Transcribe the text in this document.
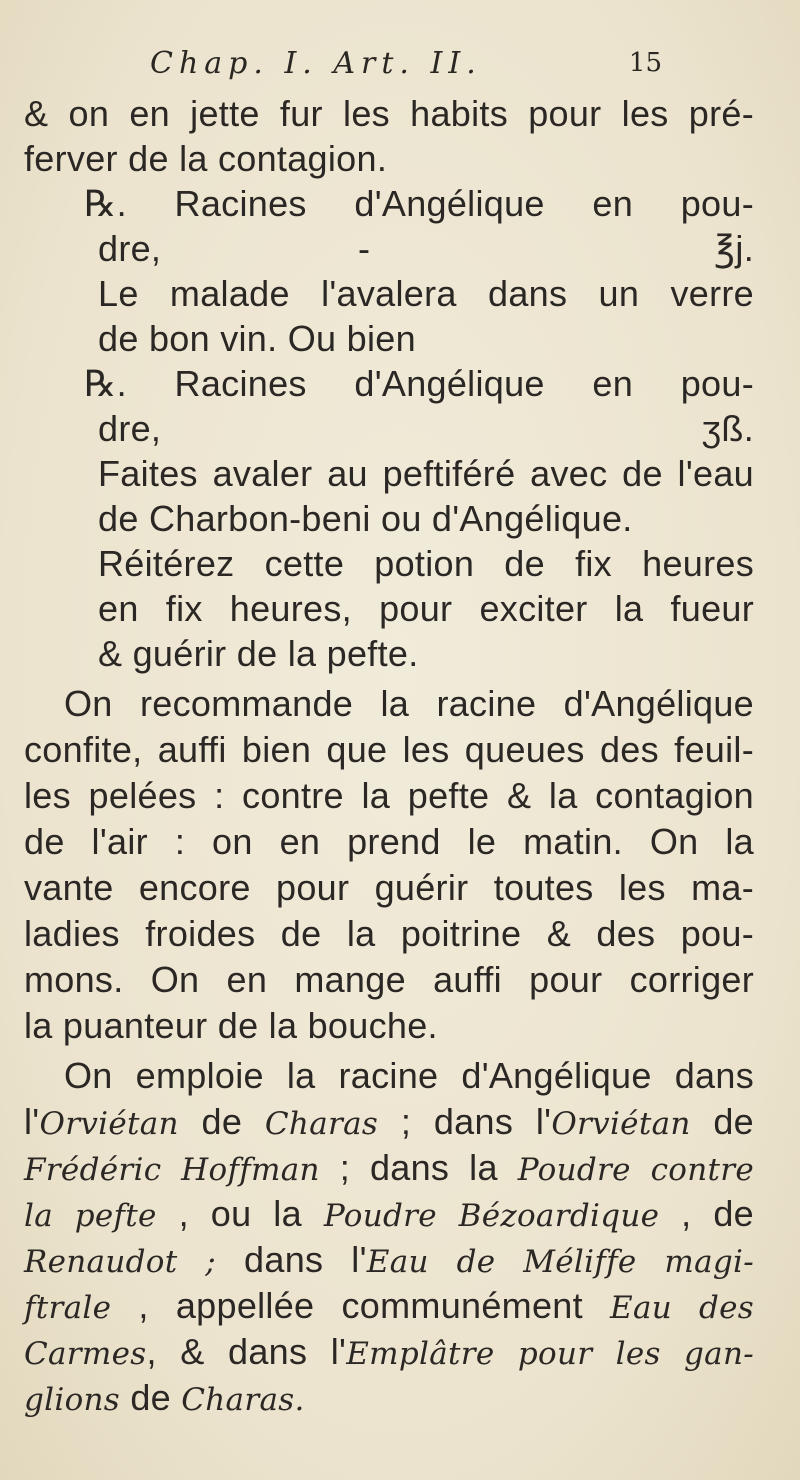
Chap. I. Art. II.	15
& on en jette fur les habits pour les pré-
ferver de la contagion.
℞. Racines d'Angélique en pou-
dre,	-	℥j.
Le malade l'avalera dans un verre
de bon vin. Ou bien
℞. Racines d'Angélique en pou-
dre,	ʒß.
Faites avaler au peftiféré avec de l'eau
de Charbon-beni ou d'Angélique.
Réitérez cette potion de fix heures
en fix heures, pour exciter la fueur
& guérir de la pefte.
On recommande la racine d'Angélique
confite, auffi bien que les queues des feuil-
les pelées : contre la pefte & la contagion
de l'air : on en prend le matin. On la
vante encore pour guérir toutes les ma-
ladies froides de la poitrine & des pou-
mons. On en mange auffi pour corriger
la puanteur de la bouche.
On emploie la racine d'Angélique dans
l'Orviétan de Charas ; dans l'Orviétan de
Frédéric Hoffman ; dans la Poudre contre
la pefte , ou la Poudre Bézoardique , de
Renaudot ; dans l'Eau de Méliffe magi-
ftrale , appellée communément Eau des
Carmes, & dans l'Emplâtre pour les gan-
glions de Charas.
